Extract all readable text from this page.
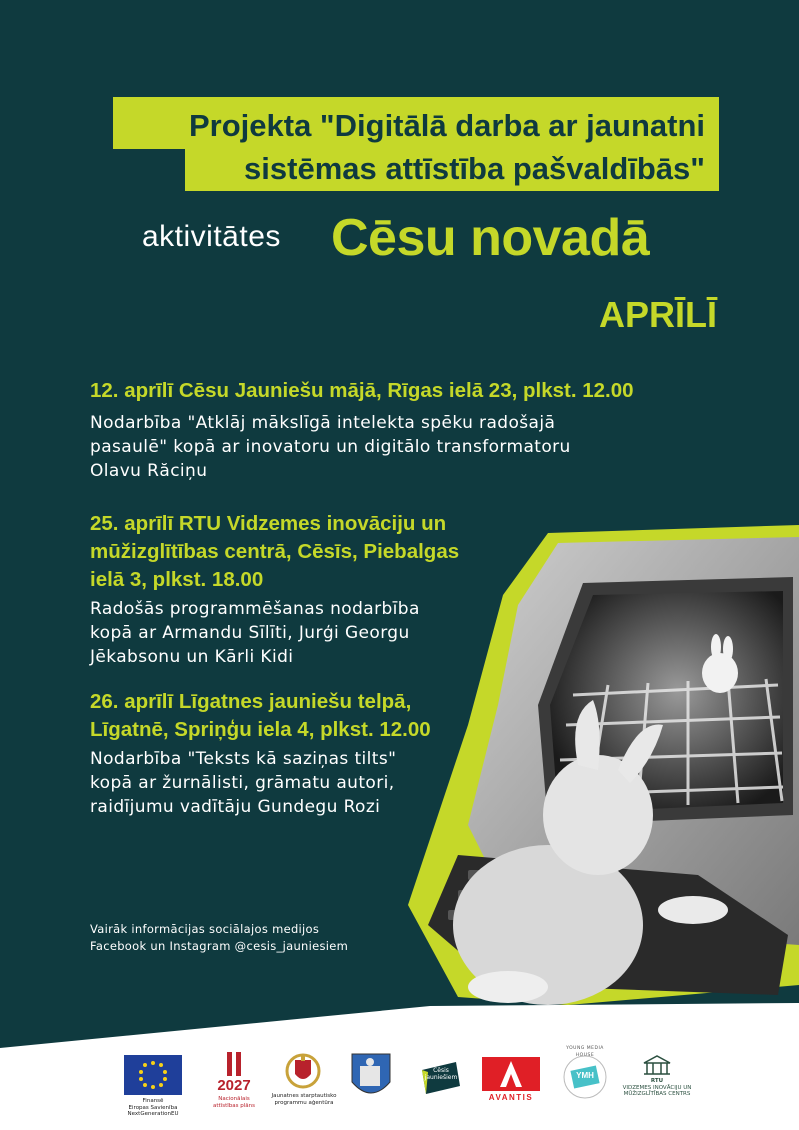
Projekta "Digitālā darba ar jaunatni
sistēmas attīstība pašvaldībās"
aktivitātes Cēsu novadā
APRĪLĪ
12. aprīlī Cēsu Jauniešu mājā, Rīgas ielā 23, plkst. 12.00
Nodarbība "Atklāj mākslīgā intelekta spēku radošajā
pasaulē" kopā ar inovatoru un digitālo transformatoru
Olavu Răciņu
25. aprīlī RTU Vidzemes inovāciju un
mūžizglītības centrā, Cēsīs, Piebalgas
ielā 3, plkst. 18.00
Radošās programmēšanas nodarbība
kopā ar Armandu Sīlīti, Jurģi Georgu
Jēkabsonu un Kārli Kidi
26. aprīlī Līgatnes jauniešu telpā,
Līgatnē, Spriņģu iela 4, plkst. 12.00
Nodarbība "Teksts kā saziņas tilts"
kopā ar žurnālisti, grāmatu autori,
raidījumu vadītāju Gundegu Rozi
Vairāk informācijas sociālajos medijos
Facebook un Instagram @cesis_jauniesiem
Finansē
Eiropas Savienība
NextGenerationEU
2027
Nacionālais
attīstības plāns
Jaunatnes starptautisko
programmu aģentūra
Cēsis
jauniešiem
AVANTIS
YMH
YOUNG MEDIA HOUSE
RTU
VIDZEMES INOVĀCIJU UN
MŪŽIZGLĪTĪBAS CENTRS
